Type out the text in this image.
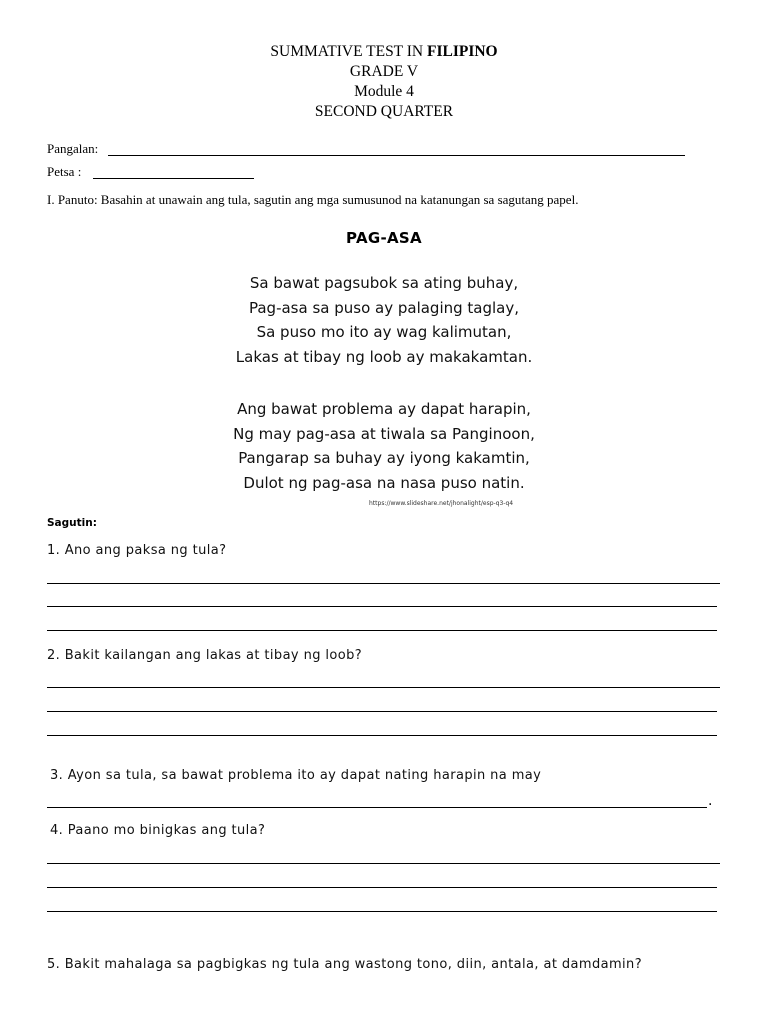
SUMMATIVE TEST IN FILIPINO
GRADE V
Module 4
SECOND QUARTER
Pangalan:
Petsa :
I. Panuto: Basahin at unawain ang tula, sagutin ang mga sumusunod na katanungan sa sagutang papel.
PAG-ASA
Sa bawat pagsubok sa ating buhay,
Pag-asa sa puso ay palaging taglay,
Sa puso mo ito ay wag kalimutan,
Lakas at tibay ng loob ay makakamtan.
Ang bawat problema ay dapat harapin,
Ng may pag-asa at tiwala sa Panginoon,
Pangarap sa buhay ay iyong kakamtin,
Dulot ng pag-asa na nasa puso natin.
https://www.slideshare.net/jhonalight/esp-q3-q4
Sagutin:
1. Ano ang paksa ng tula?
2. Bakit kailangan ang lakas at tibay ng loob?
3. Ayon sa tula, sa bawat problema ito ay dapat nating harapin na may
.
4. Paano mo binigkas ang tula?
5. Bakit mahalaga sa pagbigkas ng tula ang wastong tono, diin, antala, at damdamin?
